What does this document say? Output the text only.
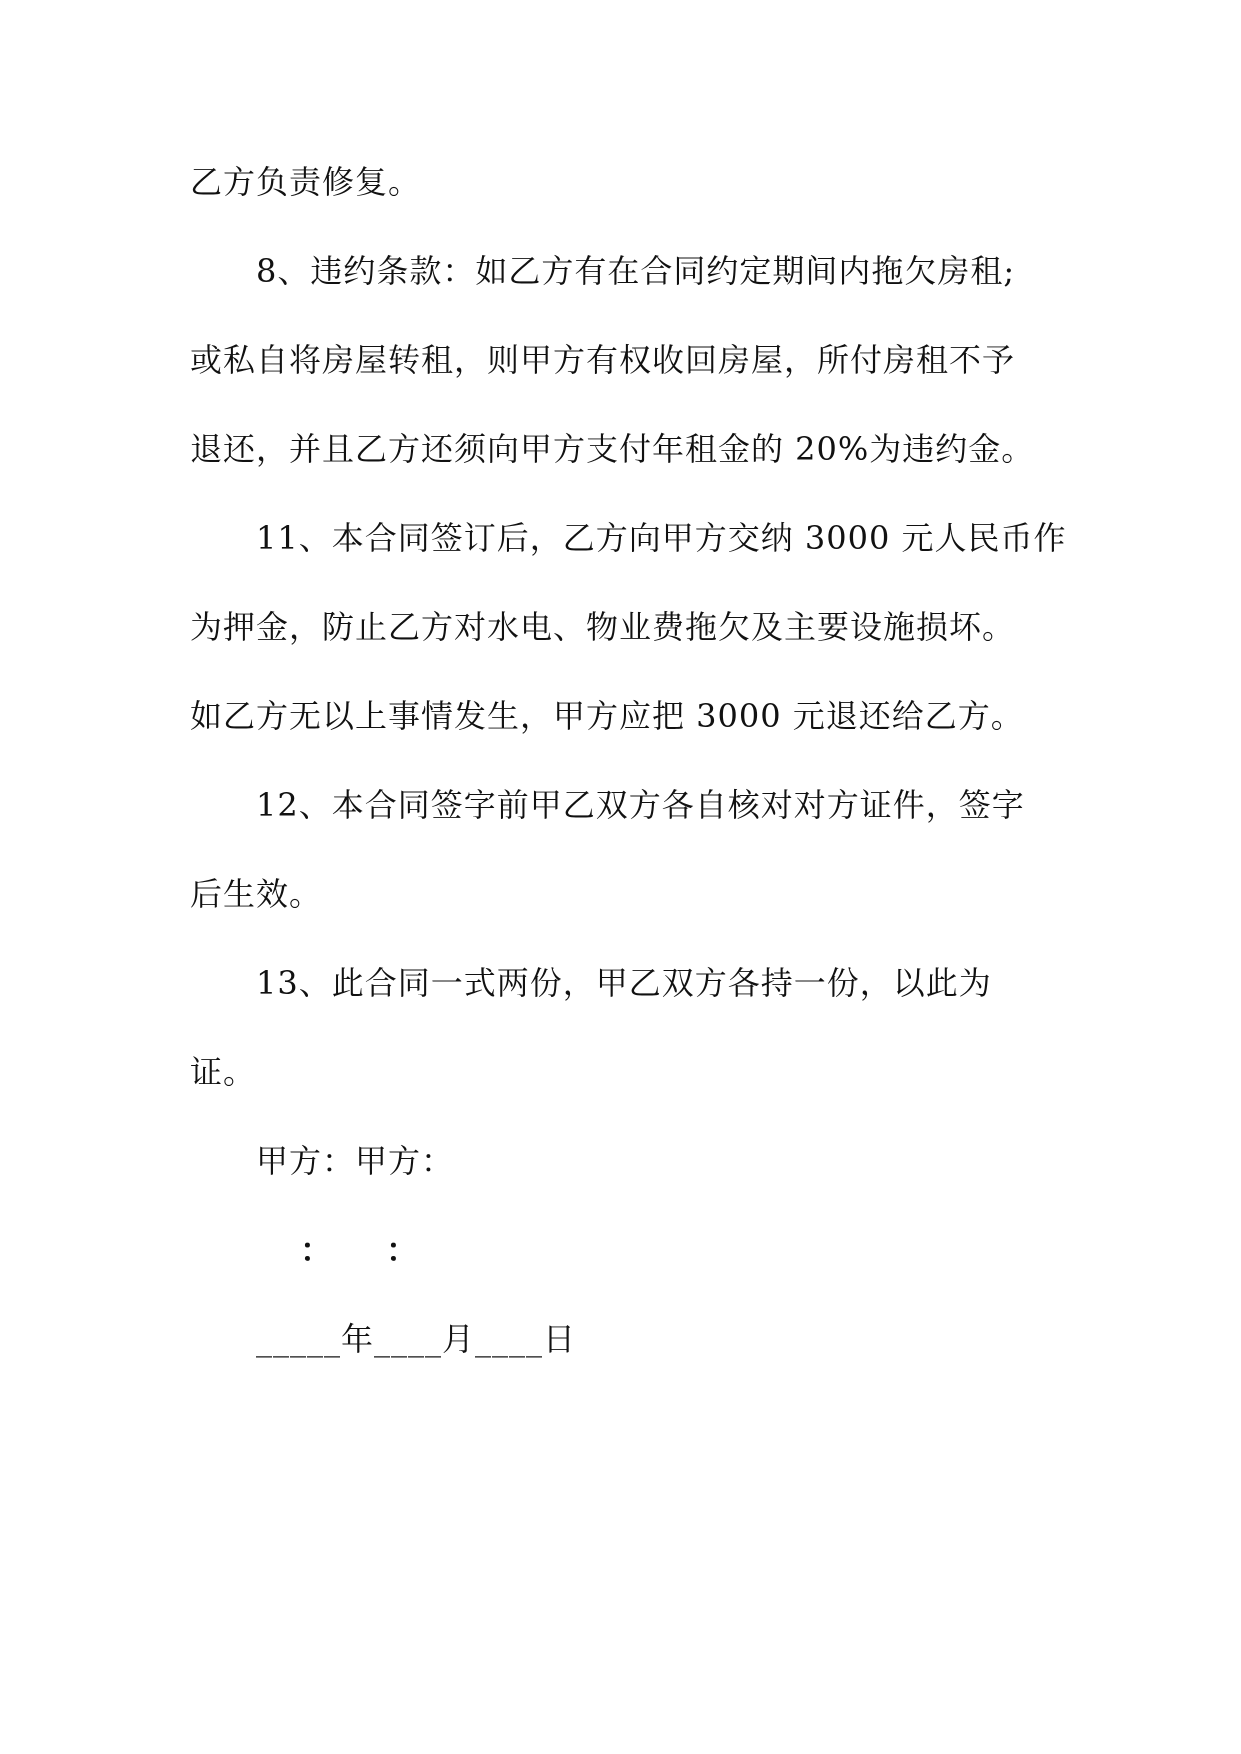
乙方负责修复。
8、违约条款：如乙方有在合同约定期间内拖欠房租;
或私自将房屋转租，则甲方有权收回房屋，所付房租不予
退还，并且乙方还须向甲方支付年租金的 20%为违约金。
11、本合同签订后，乙方向甲方交纳 3000 元人民币作
为押金，防止乙方对水电、物业费拖欠及主要设施损坏。
如乙方无以上事情发生，甲方应把 3000 元退还给乙方。
12、本合同签字前甲乙双方各自核对对方证件，签字
后生效。
13、此合同一式两份，甲乙双方各持一份，以此为
证。
甲方：甲方：
： ：
_____年____月____日
